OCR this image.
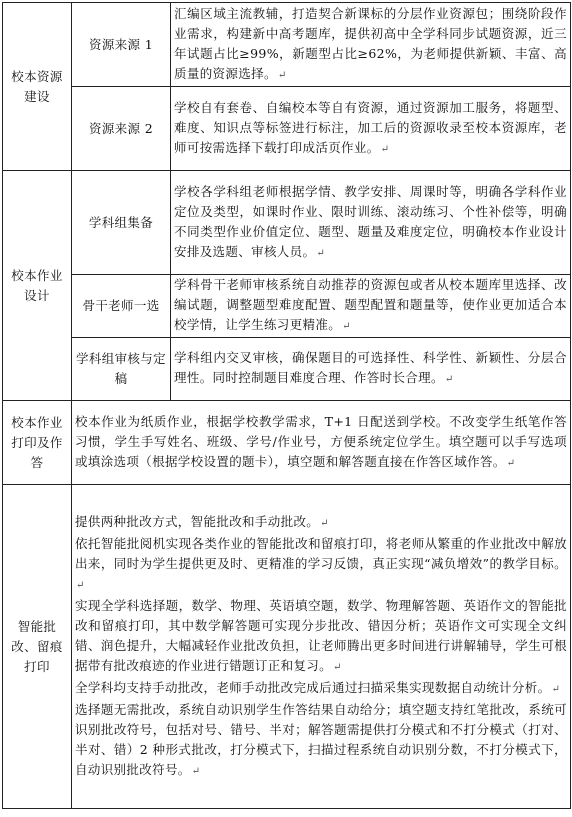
校本资源建设	资源来源 1	汇编区域主流教辅，打造契合新课标的分层作业资源包；围绕阶段作业需求，构建新中高考题库，提供初高中全学科同步试题资源，近三年试题占比≥99%，新题型占比≥62%，为老师提供新颖、丰富、高质量的资源选择。↵

	资源来源 2	学校自有套卷、自编校本等自有资源，通过资源加工服务，将题型、难度、知识点等标签进行标注，加工后的资源收录至校本资源库，老师可按需选择下载打印成活页作业。↵

校本作业设计	学科组集备	学校各学科组老师根据学情、教学安排、周课时等，明确各学科作业定位及类型，如课时作业、限时训练、滚动练习、个性补偿等，明确不同类型作业价值定位、题型、题量及难度定位，明确校本作业设计安排及选题、审核人员。↵

	骨干老师一选	学科骨干老师审核系统自动推荐的资源包或者从校本题库里选择、改编试题，调整题型难度配置、题型配置和题量等，使作业更加适合本校学情，让学生练习更精准。↵

	学科组审核与定稿	学科组内交叉审核，确保题目的可选择性、科学性、新颖性、分层合理性。同时控制题目难度合理、作答时长合理。↵

校本作业打印及作答	校本作业为纸质作业，根据学校教学需求，T+1 日配送到学校。不改变学生纸笔作答习惯，学生手写姓名、班级、学号/作业号，方便系统定位学生。填空题可以手写选项或填涂选项（根据学校设置的题卡），填空题和解答题直接在作答区域作答。↵	

智能批改、留痕打印	提供两种批改方式，智能批改和手动批改。↵
依托智能批阅机实现各类作业的智能批改和留痕打印，将老师从繁重的作业批改中解放出来，同时为学生提供更及时、更精准的学习反馈，真正实现“减负增效”的教学目标。↵
实现全学科选择题，数学、物理、英语填空题，数学、物理解答题、英语作文的智能批改和留痕打印，其中数学解答题可实现分步批改、错因分析；英语作文可实现全文纠错、润色提升，大幅减轻作业批改负担，让老师腾出更多时间进行讲解辅导，学生可根据带有批改痕迹的作业进行错题订正和复习。↵
全学科均支持手动批改，老师手动批改完成后通过扫描采集实现数据自动统计分析。↵
选择题无需批改，系统自动识别学生作答结果自动给分；填空题支持红笔批改，系统可识别批改符号，包括对号、错号、半对；解答题需提供打分模式和不打分模式（打对、半对、错）2 种形式批改，打分模式下，扫描过程系统自动识别分数，不打分模式下，自动识别批改符号。↵	
